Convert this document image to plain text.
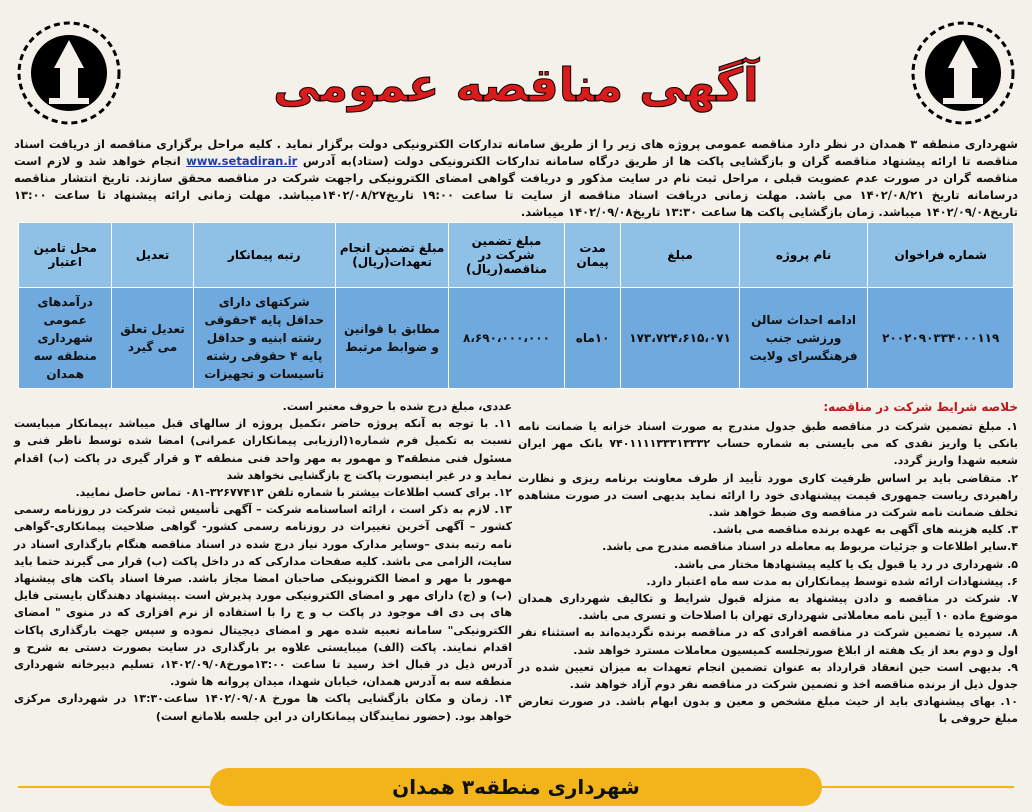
آگهی مناقصه عمومی
شهرداری منطقه ۳ همدان در نظر دارد مناقصه عمومی پروژه های زیر را از طریق سامانه تدارکات الکترونیکی دولت برگزار نماید . کلیه مراحل برگزاری مناقصه از دریافت اسناد مناقصه تا ارائه پیشنهاد مناقصه گران و بازگشایی پاکت ها از طریق درگاه سامانه تدارکات الکترونیکی دولت (ستاد)به آدرس www.setadiran.ir انجام خواهد شد و لازم است مناقصه گران در صورت عدم عضویت قبلی ، مراحل ثبت نام در سایت مذکور و دریافت گواهی امضای الکترونیکی راجهت شرکت در مناقصه محقق سازند. تاریخ انتشار مناقصه درسامانه تاریخ ۱۴۰۲/۰۸/۲۱ می باشد. مهلت زمانی دریافت اسناد مناقصه از سایت تا ساعت ۱۹:۰۰ تاریخ۱۴۰۲/۰۸/۲۷میباشد. مهلت زمانی ارائه پیشنهاد تا ساعت ۱۳:۰۰ تاریخ۱۴۰۲/۰۹/۰۸ میباشد. زمان بازگشایی پاکت ها ساعت ۱۳:۳۰ تاریخ۱۴۰۲/۰۹/۰۸ میباشد.
شماره فراخوان	نام پروژه	مبلغ	مدت پیمان	مبلغ تضمین شرکت در مناقصه(ریال)	مبلغ تضمین انجام تعهدات(ریال)	رتبه پیمانکار	تعدیل	محل تامین اعتبار
۲۰۰۲۰۹۰۳۳۴۰۰۰۱۱۹	ادامه احداث سالن ورزشی جنب فرهنگسرای ولایت	۱۷۳،۷۲۴،۶۱۵،۰۷۱	۱۰ماه	۸،۶۹۰،۰۰۰،۰۰۰	مطابق با قوانین و ضوابط مرتبط	شرکتهای دارای حداقل پایه ۴حقوقی رشته ابنیه و حداقل پایه ۴ حقوقی رشته تاسیسات و تجهیزات	تعدیل تعلق می گیرد	درآمدهای عمومی شهرداری منطقه سه همدان
خلاصه شرایط شرکت در مناقصه:

۱. مبلغ تضمین شرکت در مناقصه طبق جدول مندرج به صورت اسناد خزانه یا ضمانت نامه بانکی یا واریز نقدی که می بایستی به شماره حساب ۷۴۰۱۱۱۱۳۳۳۱۳۳۳۲ بانک مهر ایران شعبه شهدا واریز گردد.

۲. متقاضی باید بر اساس ظرفیت کاری مورد تأیید از طرف معاونت برنامه ریزی و نظارت راهبردی ریاست جمهوری قیمت پیشنهادی خود را ارائه نماید بدیهی است در صورت مشاهده تخلف ضمانت نامه شرکت در مناقصه وی ضبط خواهد شد.

۳. کلیه هزینه های آگهی به عهده برنده مناقصه می باشد.

۴.سایر اطلاعات و جزئیات مربوط به معامله در اسناد مناقصه مندرج می باشد.

۵. شهرداری در رد یا قبول یک یا کلیه پیشنهادها مختار می باشد.

۶. پیشنهادات ارائه شده توسط پیمانکاران به مدت سه ماه اعتبار دارد.

۷. شرکت در مناقصه و دادن پیشنهاد به منزله قبول شرایط و تکالیف شهرداری همدان موضوع ماده ۱۰ آیین نامه معاملاتی شهرداری تهران با اصلاحات و تسری می باشد.

۸. سپرده یا تضمین شرکت در مناقصه افرادی که در مناقصه برنده نگردیده‌اند به استثناء نفر اول و دوم بعد از یک هفته از ابلاغ صورتجلسه کمیسیون معاملات مسترد خواهد شد.

۹. بدیهی است حین انعقاد قرارداد به عنوان تضمین انجام تعهدات به میزان تعیین شده در جدول ذیل از برنده مناقصه اخذ و تضمین شرکت در مناقصه نفر دوم آزاد خواهد شد.

۱۰. بهای پیشنهادی باید از حیث مبلغ مشخص و معین و بدون ابهام باشد. در صورت تعارض مبلغ حروفی با

عددی، مبلغ درج شده با حروف معتبر است.

۱۱. با توجه به آنکه پروژه حاضر ،تکمیل پروژه از سالهای قبل میباشد ،پیمانکار میبایست نسبت به تکمیل فرم شماره۱(ارزیابی پیمانکاران عمرانی) امضا شده توسط ناظر فنی و مسئول فنی منطقه۳ و مهمور به مهر واحد فنی منطقه ۳ و قرار گیری در پاکت (ب) اقدام نماید و در غیر اینصورت پاکت ج بازگشایی نخواهد شد

۱۲. برای کسب اطلاعات بیشتر با شماره تلفن ۳۲۶۷۷۴۱۳-۰۸۱ تماس حاصل نمایید.

۱۳. لازم به ذکر است ، ارائه اساسنامه شرکت – آگهی تأسیس ثبت شرکت در روزنامه رسمی کشور – آگهی آخرین تغییرات در روزنامه رسمی کشور- گواهی صلاحیت پیمانکاری-گواهی نامه رتبه بندی –وسایر مدارک مورد نیاز درج شده در اسناد مناقصه هنگام بارگذاری اسناد در سایت، الزامی می باشد. کلیه صفحات مدارکی که در داخل پاکت (ب) قرار می گیرند حتما باید مهمور با مهر و امضا الکترونیکی صاحبان امضا مجاز باشد. صرفا اسناد پاکت های پیشنهاد (ب) و (ج) دارای مهر و امضای الکترونیکی مورد پذیرش است .پیشنهاد دهندگان بایستی فایل های پی دی اف موجود در پاکت ب و ج را با استفاده از نرم افزاری که در منوی " امضای الکترونیکی" سامانه تعبیه شده مهر و امضای دیجیتال نموده و سپس جهت بارگذاری پاکات اقدام نمایند. پاکت (الف) میبایستی علاوه بر بارگذاری در سایت بصورت دستی به شرح و آدرس ذیل در قبال اخذ رسید تا ساعت ۱۳:۰۰مورخ۱۴۰۲/۰۹/۰۸، تسلیم دبیرخانه شهرداری منطقه سه به آدرس همدان، خیابان شهدا، میدان پروانه ها شود.

۱۴. زمان و مکان بازگشایی پاکت ها مورخ ۱۴۰۲/۰۹/۰۸ ساعت۱۳:۳۰ در شهرداری مرکزی خواهد بود. (حضور نمایندگان پیمانکاران در این جلسه بلامانع است)

شهرداری منطقه۳ همدان
